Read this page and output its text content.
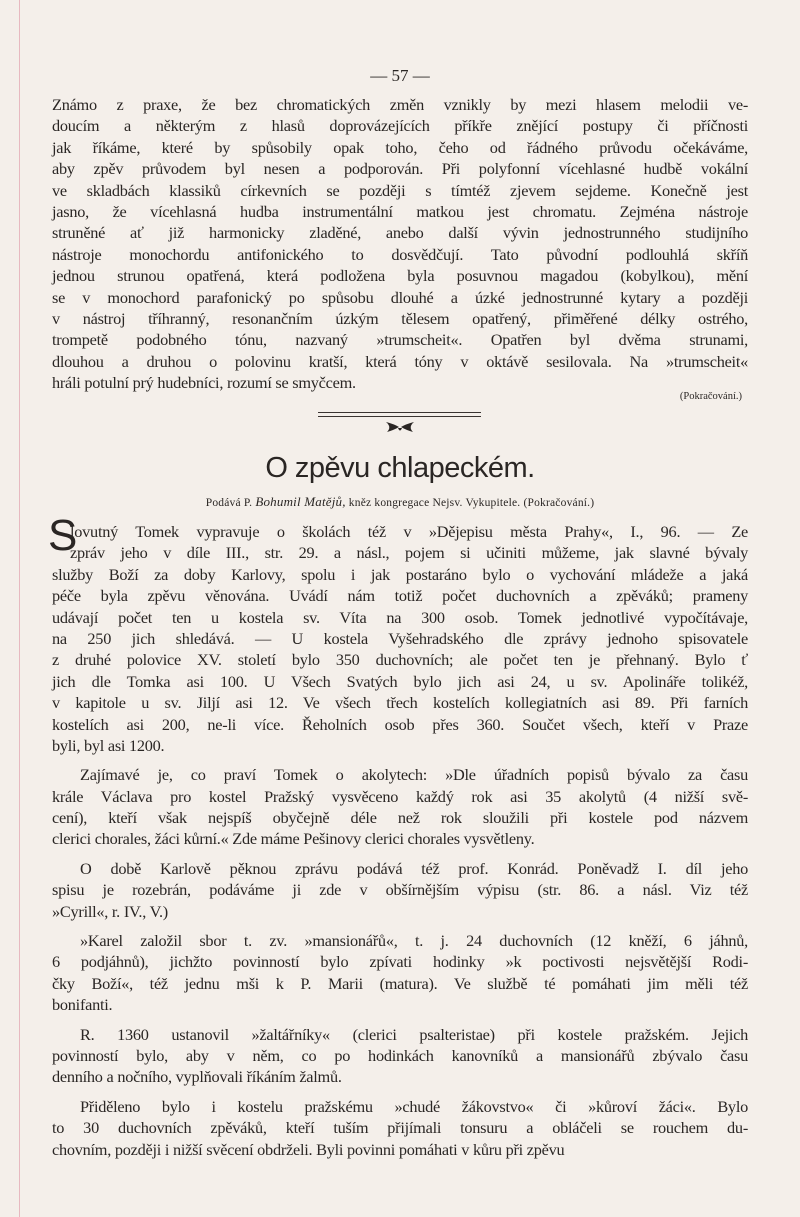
— 57 —
Známo z praxe, že bez chromatických změn vznikly by mezi hlasem melodii ve-
doucím a některým z hlasů doprovázejících příkře znějící postupy či příčnosti
jak říkáme, které by spůsobily opak toho, čeho od řádného průvodu očekáváme,
aby zpěv průvodem byl nesen a podporován. Při polyfonní vícehlasné hudbě vokální
ve skladbách klassiků církevních se později s tímtéž zjevem sejdeme. Konečně jest
jasno, že vícehlasná hudba instrumentální matkou jest chromatu. Zejména nástroje
struněné ať již harmonicky zladěné, anebo další vývin jednostrunného studijního
nástroje monochordu antifonického to dosvědčují. Tato původní podlouhlá skříň
jednou strunou opatřená, která podložena byla posuvnou magadou (kobylkou), mění
se v monochord parafonický po spůsobu dlouhé a úzké jednostrunné kytary a později
v nástroj tříhranný, resonančním úzkým tělesem opatřený, přiměřené délky ostrého,
trompetě podobného tónu, nazvaný »trumscheit«. Opatřen byl dvěma strunami,
dlouhou a druhou o polovinu kratší, která tóny v oktávě sesilovala. Na »trumscheit«
hráli potulní prý hudebníci, rozumí se smyčcem.
(Pokračování.)
O zpěvu chlapeckém.
Podává P. Bohumil Matějů, kněz kongregace Nejsv. Vykupitele. (Pokračování.)
S
lovutný Tomek vypravuje o školách též v »Dějepisu města Prahy«, I., 96. — Ze
zpráv jeho v díle III., str. 29. a násl., pojem si učiniti můžeme, jak slavné bývaly
služby Boží za doby Karlovy, spolu i jak postaráno bylo o vychování mládeže a jaká
péče byla zpěvu věnována. Uvádí nám totiž počet duchovních a zpěváků; prameny
udávají počet ten u kostela sv. Víta na 300 osob. Tomek jednotlivé vypočítávaje,
na 250 jich shledává. — U kostela Vyšehradského dle zprávy jednoho spisovatele
z druhé polovice XV. století bylo 350 duchovních; ale počet ten je přehnaný. Bylo ť
jich dle Tomka asi 100. U Všech Svatých bylo jich asi 24, u sv. Apolináře tolikéž,
v kapitole u sv. Jiljí asi 12. Ve všech třech kostelích kollegiatních asi 89. Při farních
kostelích asi 200, ne-li více. Řeholních osob přes 360. Součet všech, kteří v Praze
byli, byl asi 1200.
Zajímavé je, co praví Tomek o akolytech: »Dle úřadních popisů bývalo za času
krále Václava pro kostel Pražský vysvěceno každý rok asi 35 akolytů (4 nižší svě-
cení), kteří však nejspíš obyčejně déle než rok sloužili při kostele pod názvem
clerici chorales, žáci kůrní.« Zde máme Pešinovy clerici chorales vysvětleny.
O době Karlově pěknou zprávu podává též prof. Konrád. Poněvadž I. díl jeho
spisu je rozebrán, podáváme ji zde v obšírnějším výpisu (str. 86. a násl. Viz též
»Cyrill«, r. IV., V.)
»Karel založil sbor t. zv. »mansionářů«, t. j. 24 duchovních (12 kněží, 6 jáhnů,
6 podjáhnů), jichžto povinností bylo zpívati hodinky »k poctivosti nejsvětější Rodi-
čky Boží«, též jednu mši k P. Marii (matura). Ve službě té pomáhati jim měli též
bonifanti.
R. 1360 ustanovil »žaltářníky« (clerici psalteristae) při kostele pražském. Jejich
povinností bylo, aby v něm, co po hodinkách kanovníků a mansionářů zbývalo času
denního a nočního, vyplňovali říkáním žalmů.
Přiděleno bylo i kostelu pražskému »chudé žákovstvo« či »kůroví žáci«. Bylo
to 30 duchovních zpěváků, kteří tuším přijímali tonsuru a obláčeli se rouchem du-
chovním, později i nižší svěcení obdrželi. Byli povinni pomáhati v kůru při zpěvu
